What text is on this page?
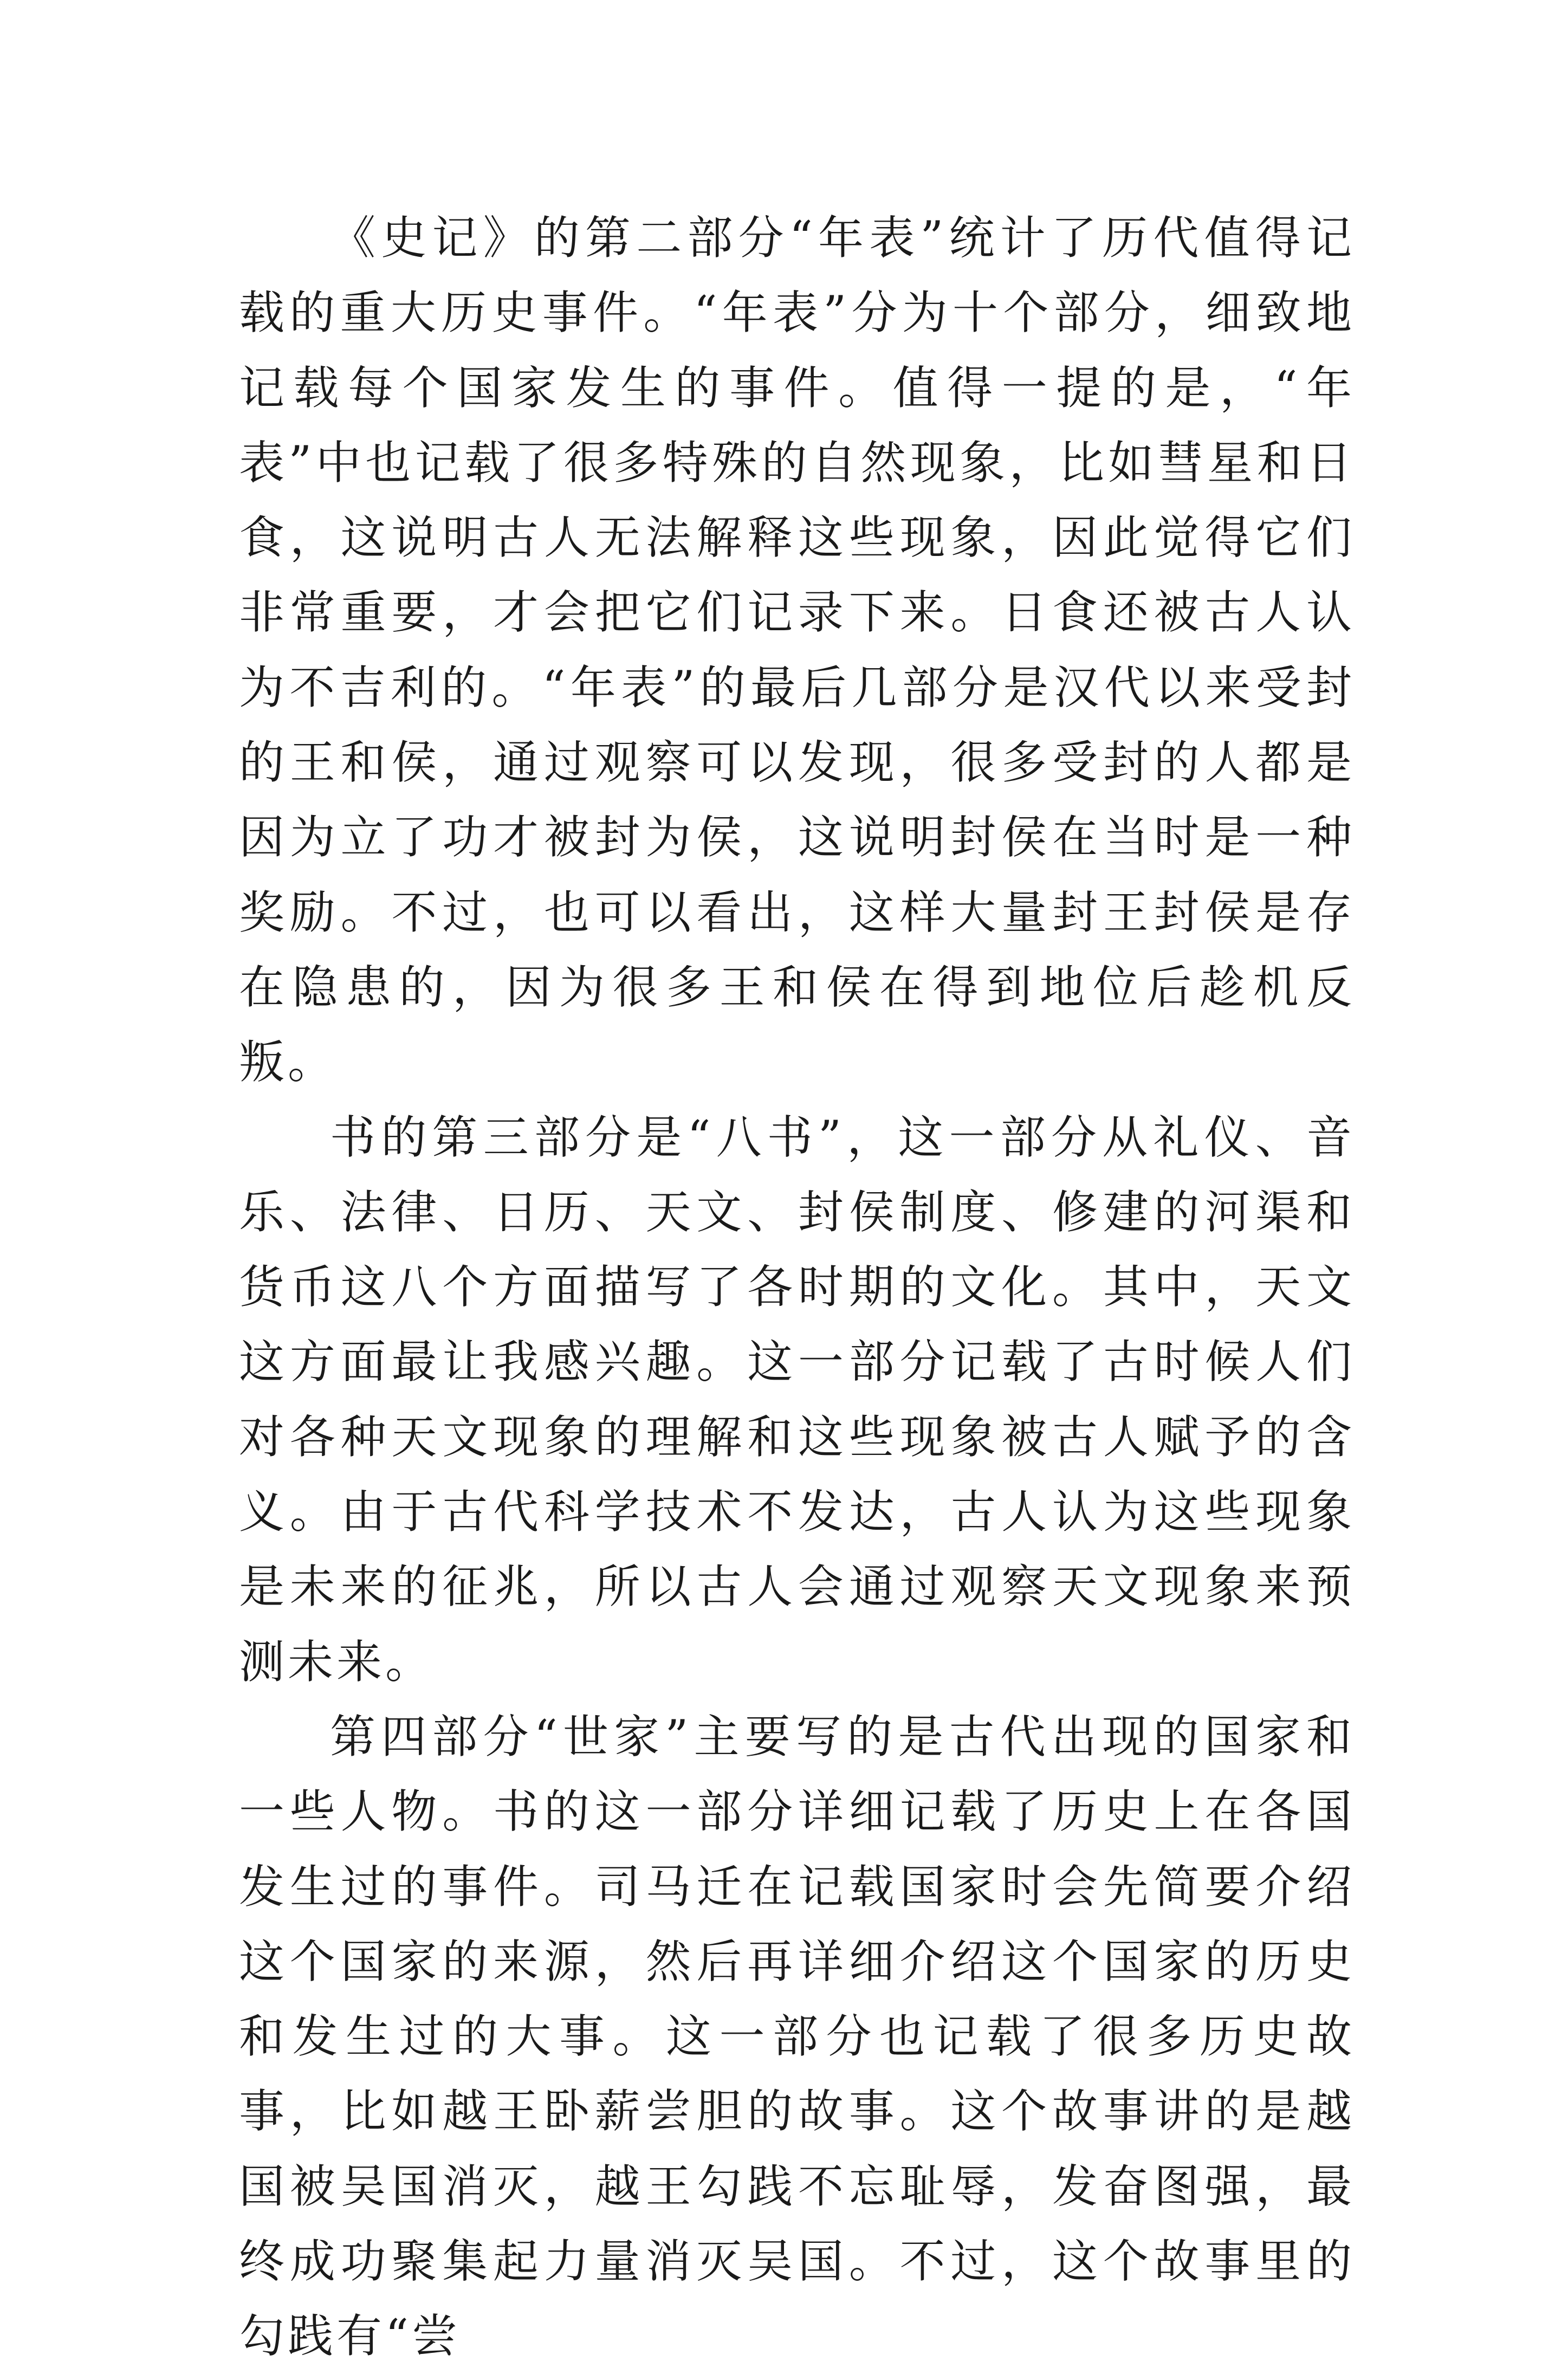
《史记》的第二部分“年表”统计了历代值得记载的重大历史事件。“年表”分为十个部分，细致地记载每个国家发生的事件。值得一提的是，“年表”中也记载了很多特殊的自然现象，比如彗星和日食，这说明古人无法解释这些现象，因此觉得它们非常重要，才会把它们记录下来。日食还被古人认为不吉利的。“年表”的最后几部分是汉代以来受封的王和侯，通过观察可以发现，很多受封的人都是因为立了功才被封为侯，这说明封侯在当时是一种奖励。不过，也可以看出，这样大量封王封侯是存在隐患的，因为很多王和侯在得到地位后趁机反叛。

书的第三部分是“八书”，这一部分从礼仪、音乐、法律、日历、天文、封侯制度、修建的河渠和货币这八个方面描写了各时期的文化。其中，天文这方面最让我感兴趣。这一部分记载了古时候人们对各种天文现象的理解和这些现象被古人赋予的含义。由于古代科学技术不发达，古人认为这些现象是未来的征兆，所以古人会通过观察天文现象来预测未来。

第四部分“世家”主要写的是古代出现的国家和一些人物。书的这一部分详细记载了历史上在各国发生过的事件。司马迁在记载国家时会先简要介绍这个国家的来源，然后再详细介绍这个国家的历史和发生过的大事。这一部分也记载了很多历史故事，比如越王卧薪尝胆的故事。这个故事讲的是越国被吴国消灭，越王勾践不忘耻辱，发奋图强，最终成功聚集起力量消灭吴国。不过，这个故事里的勾践有“尝
